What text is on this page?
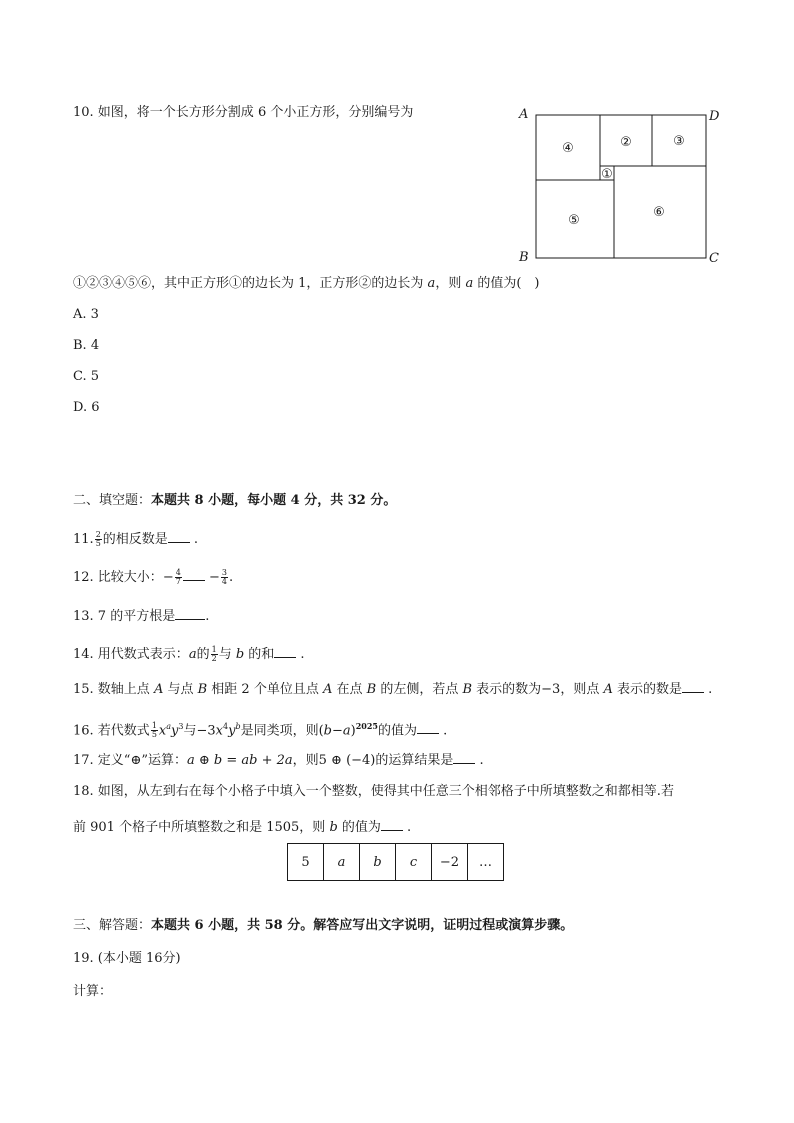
10. 如图，将一个长方形分割成 6 个小正方形，分别编号为	A	D
B	C
④	②	③
①
⑤
⑥
①②③④⑤⑥，其中正方形①的边长为 1，正方形②的边长为 a，则 a 的值为(　)
A. 3
B. 4
C. 5
D. 6
二、填空题：本题共 8 小题，每小题 4 分，共 32 分。
11. $\frac{2}{5}$ 的相反数是 .
12. 比较大小：− $\frac{4}{7} - \frac{3}{4}$ .
13. 7 的平方根是 .
14. 用代数式表示：a的 $\frac{1}{2}$ 与 b 的和 .
15. 数轴上点 A 与点 B 相距 2 个单位且点 A 在点 B 的左侧，若点 B 表示的数为−3，则点 A 表示的数是 .
16. 若代数式 $\frac{1}{5} x^ay^3$与$-3x^4y^b$是同类项，则$(b-a)^{2025}$的值为 .
17. 定义“⊕”运算：a ⊕ b = ab + 2a，则5 ⊕ (−4)的运算结果是 .
18. 如图，从左到右在每个小格子中填入一个整数，使得其中任意三个相邻格子中所填整数之和都相等.若
前 901 个格子中所填整数之和是 1505，则 b 的值为 .
5	a	b	c	−2	…
三、解答题：本题共 6 小题，共 58 分。解答应写出文字说明，证明过程或演算步骤。
19. (本小题 16分)
计算：
